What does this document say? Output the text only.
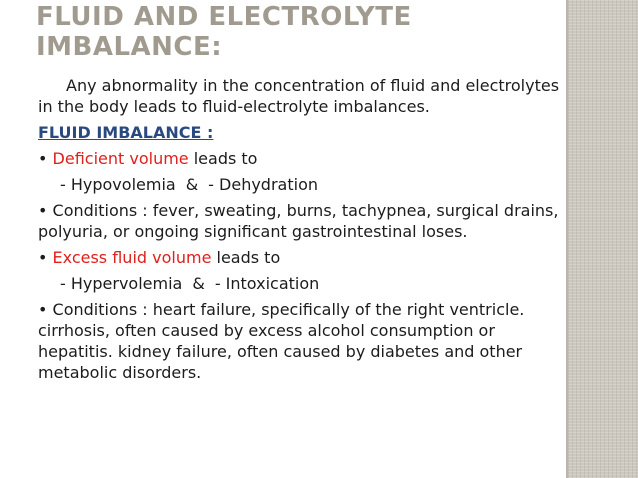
FLUID AND ELECTROLYTE
IMBALANCE:

Any abnormality in the concentration of fluid and electrolytes in the body leads to fluid-electrolyte imbalances.

FLUID IMBALANCE :

• Deficient volume leads to

- Hypovolemia & - Dehydration

• Conditions : fever, sweating, burns, tachypnea, surgical drains, polyuria, or ongoing significant gastrointestinal loses.

• Excess fluid volume leads to

- Hypervolemia & - Intoxication

• Conditions : heart failure, specifically of the right ventricle. cirrhosis, often caused by excess alcohol consumption or hepatitis. kidney failure, often caused by diabetes and other metabolic disorders.
